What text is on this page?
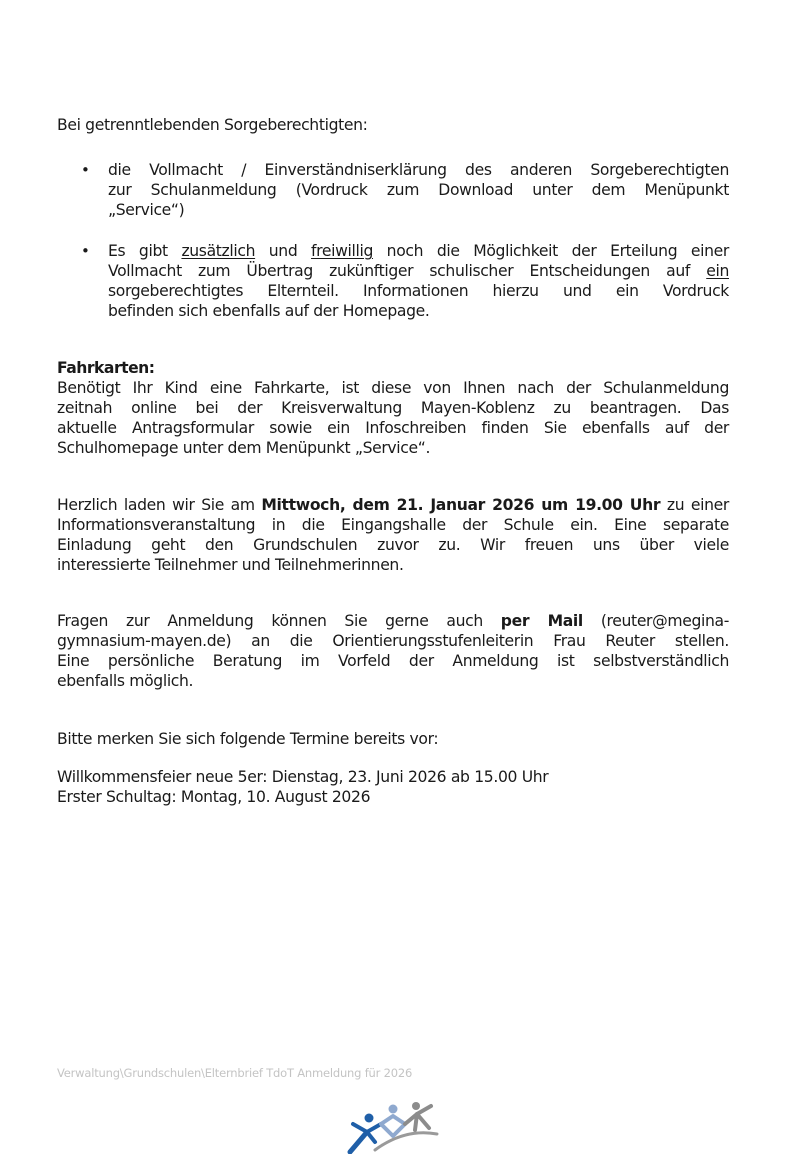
Bei getrenntlebenden Sorgeberechtigten:
• die Vollmacht / Einverständniserklärung des anderen Sorgeberechtigten
zur Schulanmeldung (Vordruck zum Download unter dem Menüpunkt
„Service“)
• Es gibt zusätzlich und freiwillig noch die Möglichkeit der Erteilung einer
Vollmacht zum Übertrag zukünftiger schulischer Entscheidungen auf ein
sorgeberechtigtes Elternteil. Informationen hierzu und ein Vordruck
befinden sich ebenfalls auf der Homepage.
Fahrkarten:
Benötigt Ihr Kind eine Fahrkarte, ist diese von Ihnen nach der Schulanmeldung
zeitnah online bei der Kreisverwaltung Mayen-Koblenz zu beantragen. Das
aktuelle Antragsformular sowie ein Infoschreiben finden Sie ebenfalls auf der
Schulhomepage unter dem Menüpunkt „Service“.
Herzlich laden wir Sie am Mittwoch, dem 21. Januar 2026 um 19.00 Uhr zu einer
Informationsveranstaltung in die Eingangshalle der Schule ein. Eine separate
Einladung geht den Grundschulen zuvor zu. Wir freuen uns über viele
interessierte Teilnehmer und Teilnehmerinnen.
Fragen zur Anmeldung können Sie gerne auch per Mail (reuter@megina-
gymnasium-mayen.de) an die Orientierungsstufenleiterin Frau Reuter stellen.
Eine persönliche Beratung im Vorfeld der Anmeldung ist selbstverständlich
ebenfalls möglich.
Bitte merken Sie sich folgende Termine bereits vor:
Willkommensfeier neue 5er: Dienstag, 23. Juni 2026 ab 15.00 Uhr
Erster Schultag: Montag, 10. August 2026
Verwaltung\Grundschulen\Elternbrief TdoT Anmeldung für 2026
